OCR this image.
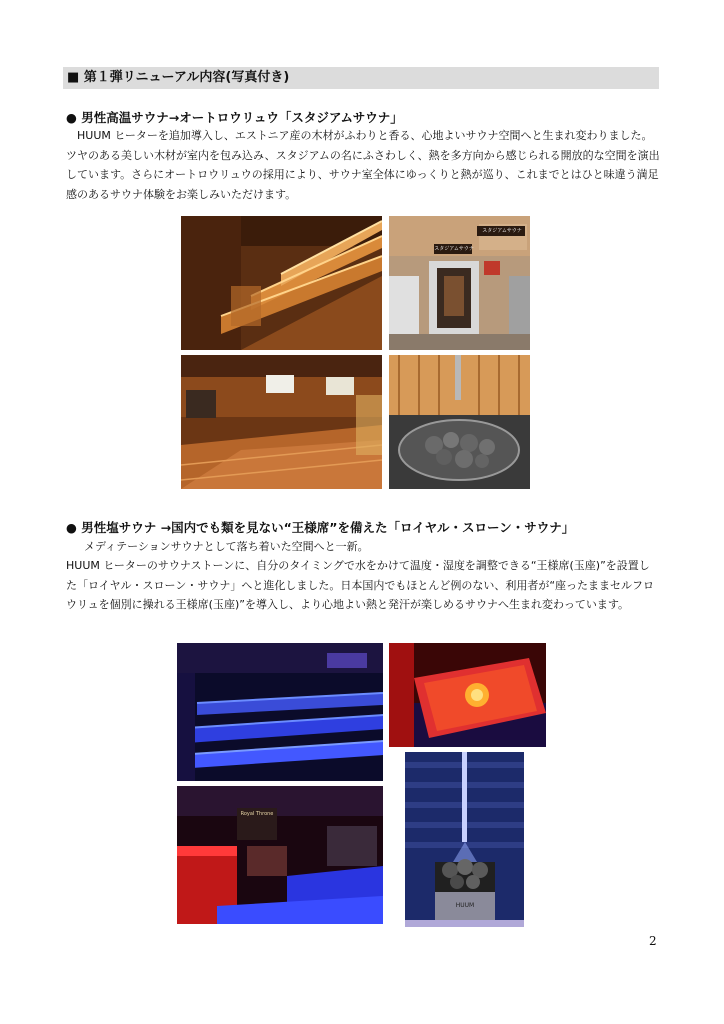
■ 第１弾リニューアル内容(写真付き)
● 男性高温サウナ→オートロウリュウ「スタジアムサウナ」
　HUUM ヒーターを追加導入し、エストニア産の木材がふわりと香る、心地よいサウナ空間へと生まれ変わりました。ツヤのある美しい木材が室内を包み込み、スタジアムの名にふさわしく、熱を多方向から感じられる開放的な空間を演出しています。さらにオートロウリュウの採用により、サウナ室全体にゆっくりと熱が巡り、これまでとはひと味違う満足感のあるサウナ体験をお楽しみいただけます。
スタジアムサウナ
スタジアムサウナ
● 男性塩サウナ →国内でも類を見ない“王様席”を備えた「ロイヤル・スローン・サウナ」
メディテーションサウナとして落ち着いた空間へと一新。
HUUM ヒーターのサウナストーンに、自分のタイミングで水をかけて温度・湿度を調整できる“王様席(玉座)”を設置した「ロイヤル・スローン・サウナ」へと進化しました。日本国内でもほとんど例のない、利用者が“座ったままセルフロウリュを個別に操れる王様席(玉座)”を導入し、より心地よい熱と発汗が楽しめるサウナへ生まれ変わっています。
Royal Throne
HUUM
2
